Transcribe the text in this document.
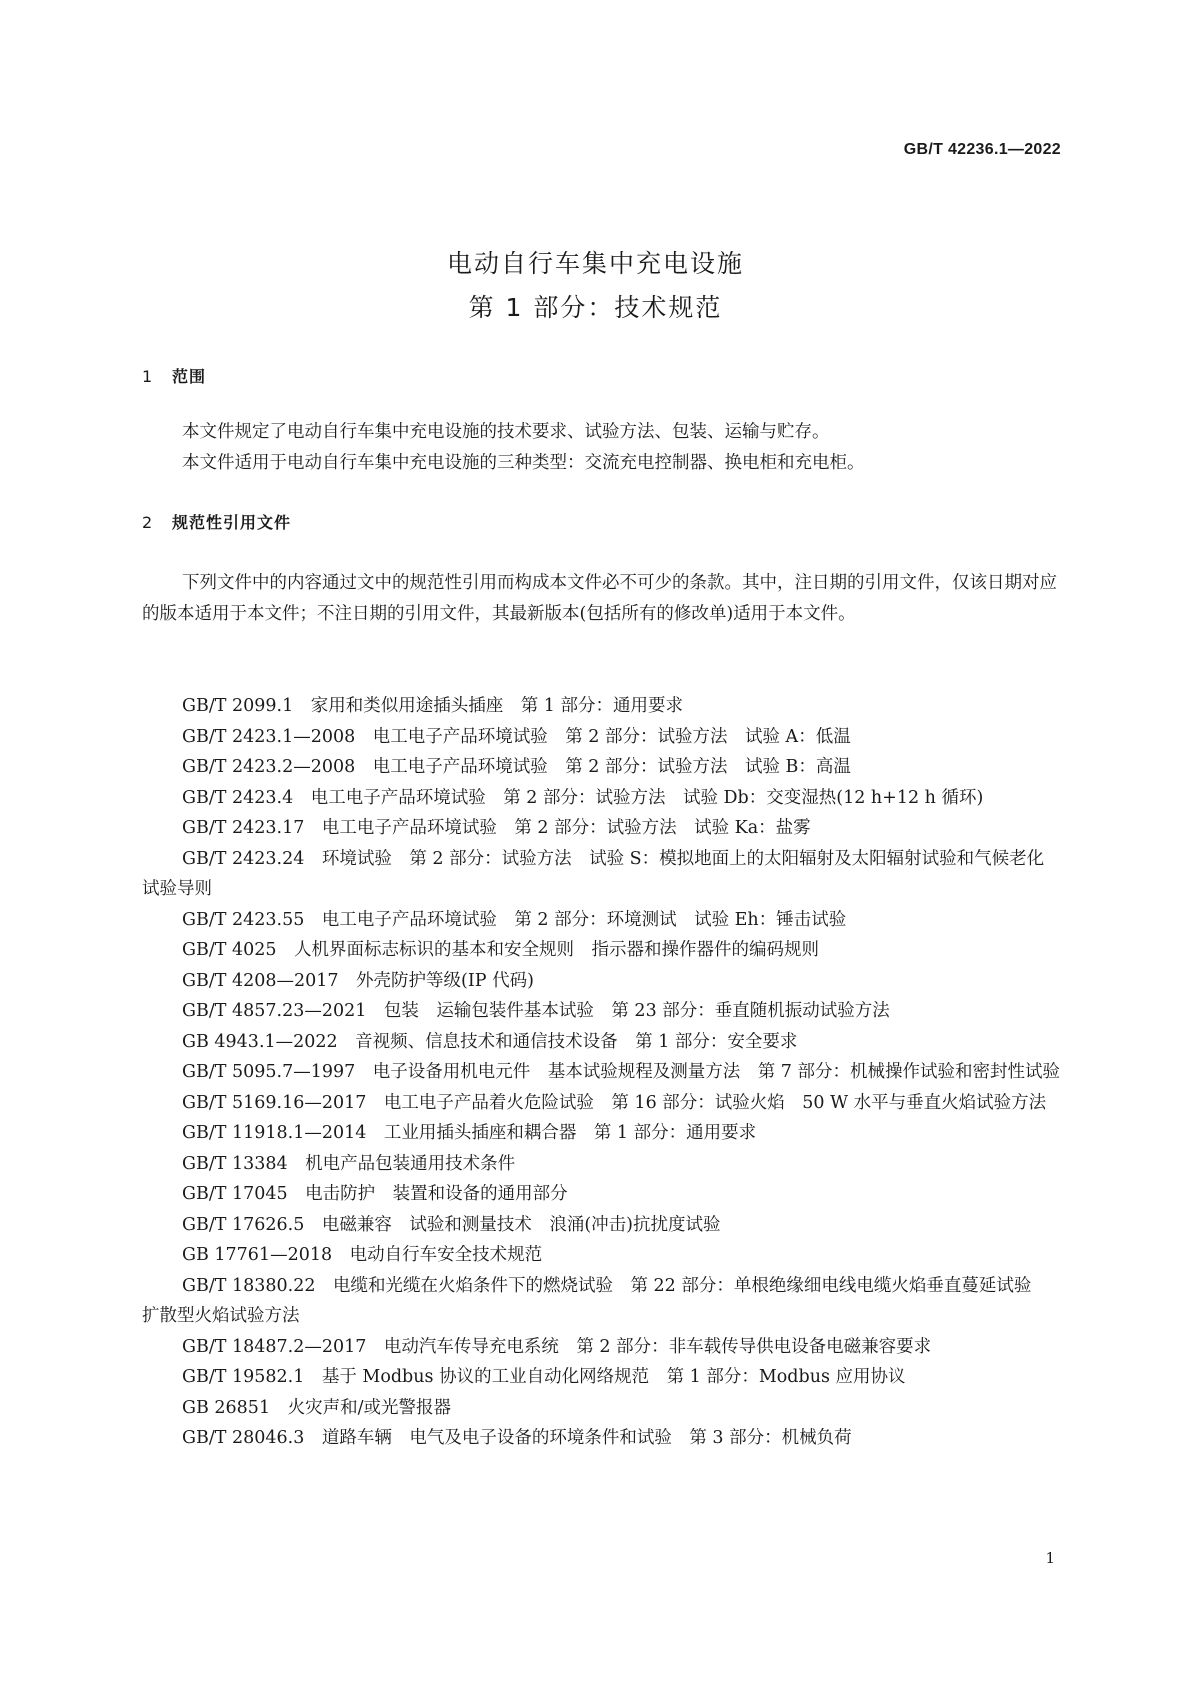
GB/T 42236.1—2022
电动自行车集中充电设施
第 1 部分：技术规范
1 范围
本文件规定了电动自行车集中充电设施的技术要求、试验方法、包装、运输与贮存。
本文件适用于电动自行车集中充电设施的三种类型：交流充电控制器、换电柜和充电柜。
2 规范性引用文件
下列文件中的内容通过文中的规范性引用而构成本文件必不可少的条款。其中，注日期的引用文件，仅该日期对应的版本适用于本文件；不注日期的引用文件，其最新版本(包括所有的修改单)适用于本文件。
GB/T 2099.1　家用和类似用途插头插座　第 1 部分：通用要求
GB/T 2423.1—2008　电工电子产品环境试验　第 2 部分：试验方法　试验 A：低温
GB/T 2423.2—2008　电工电子产品环境试验　第 2 部分：试验方法　试验 B：高温
GB/T 2423.4　电工电子产品环境试验　第 2 部分：试验方法　试验 Db：交变湿热(12 h+12 h 循环)
GB/T 2423.17　电工电子产品环境试验　第 2 部分：试验方法　试验 Ka：盐雾
GB/T 2423.24　环境试验　第 2 部分：试验方法　试验 S：模拟地面上的太阳辐射及太阳辐射试验和气候老化试验导则
GB/T 2423.55　电工电子产品环境试验　第 2 部分：环境测试　试验 Eh：锤击试验
GB/T 4025　人机界面标志标识的基本和安全规则　指示器和操作器件的编码规则
GB/T 4208—2017　外壳防护等级(IP 代码)
GB/T 4857.23—2021　包装　运输包装件基本试验　第 23 部分：垂直随机振动试验方法
GB 4943.1—2022　音视频、信息技术和通信技术设备　第 1 部分：安全要求
GB/T 5095.7—1997　电子设备用机电元件　基本试验规程及测量方法　第 7 部分：机械操作试验和密封性试验
GB/T 5169.16—2017　电工电子产品着火危险试验　第 16 部分：试验火焰　50 W 水平与垂直火焰试验方法
GB/T 11918.1—2014　工业用插头插座和耦合器　第 1 部分：通用要求
GB/T 13384　机电产品包装通用技术条件
GB/T 17045　电击防护　装置和设备的通用部分
GB/T 17626.5　电磁兼容　试验和测量技术　浪涌(冲击)抗扰度试验
GB 17761—2018　电动自行车安全技术规范
GB/T 18380.22　电缆和光缆在火焰条件下的燃烧试验　第 22 部分：单根绝缘细电线电缆火焰垂直蔓延试验　扩散型火焰试验方法
GB/T 18487.2—2017　电动汽车传导充电系统　第 2 部分：非车载传导供电设备电磁兼容要求
GB/T 19582.1　基于 Modbus 协议的工业自动化网络规范　第 1 部分：Modbus 应用协议
GB 26851　火灾声和/或光警报器
GB/T 28046.3　道路车辆　电气及电子设备的环境条件和试验　第 3 部分：机械负荷
1
